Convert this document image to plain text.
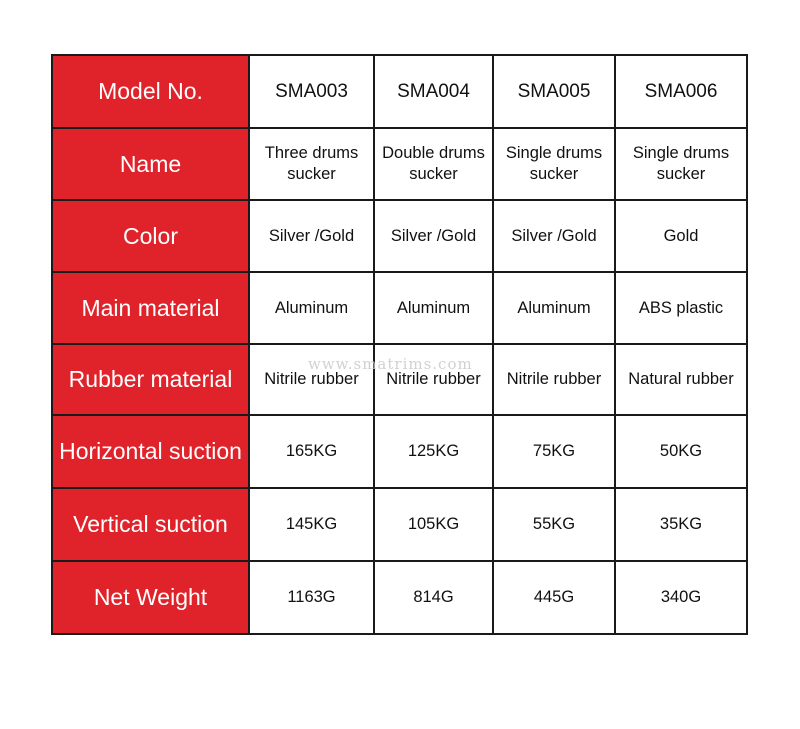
Model No.	SMA003	SMA004	SMA005	SMA006
Name	Three drums sucker	Double drums sucker	Single drums sucker	Single drums sucker
Color	Silver /Gold	Silver /Gold	Silver /Gold	Gold
Main material	Aluminum	Aluminum	Aluminum	ABS plastic
Rubber material	Nitrile rubber	Nitrile rubber	Nitrile rubber	Natural rubber
Horizontal suction	165KG	125KG	75KG	50KG
Vertical suction	145KG	105KG	55KG	35KG
Net Weight	1163G	814G	445G	340G
www.smatrims.com
